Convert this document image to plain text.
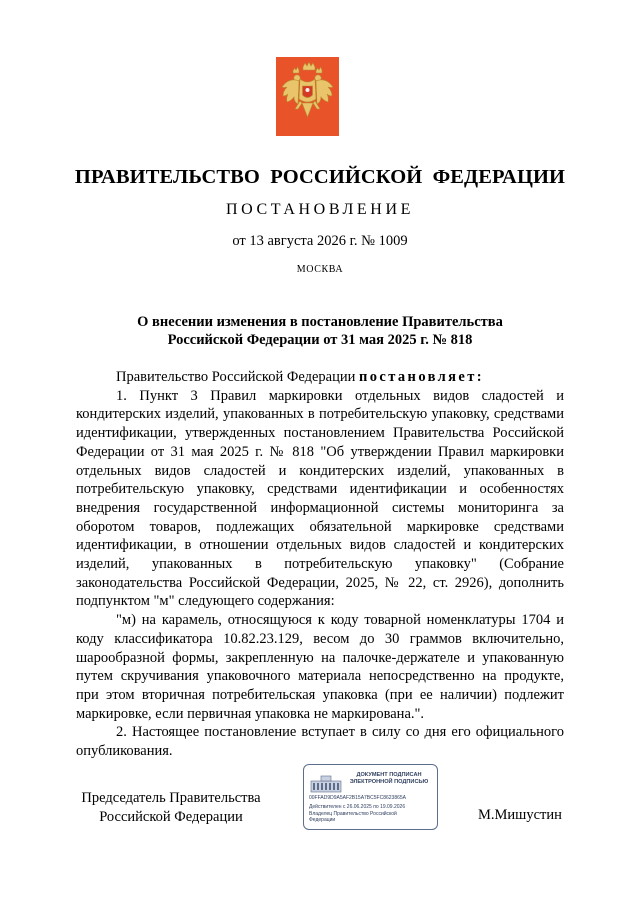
ПРАВИТЕЛЬСТВО РОССИЙСКОЙ ФЕДЕРАЦИИ
ПОСТАНОВЛЕНИЕ
от 13 августа 2026 г. № 1009
МОСКВА
О внесении изменения в постановление Правительства
Российской Федерации от 31 мая 2025 г. № 818

Правительство Российской Федерации постановляет:

1. Пункт 3 Правил маркировки отдельных видов сладостей и кондитерских изделий, упакованных в потребительскую упаковку, средствами идентификации, утвержденных постановлением Правительства Российской Федерации от 31 мая 2025 г. № 818 "Об утверждении Правил маркировки отдельных видов сладостей и кондитерских изделий, упакованных в потребительскую упаковку, средствами идентификации и особенностях внедрения государственной информационной системы мониторинга за оборотом товаров, подлежащих обязательной маркировке средствами идентификации, в отношении отдельных видов сладостей и кондитерских изделий, упакованных в потребительскую упаковку" (Собрание законодательства Российской Федерации, 2025, № 22, ст. 2926), дополнить подпунктом "м" следующего содержания:

"м) на карамель, относящуюся к коду товарной номенклатуры 1704 и коду классификатора 10.82.23.129, весом до 30 граммов включительно, шарообразной формы, закрепленную на палочке-держателе и упакованную путем скручивания упаковочного материала непосредственно на продукте, при этом вторичная потребительская упаковка (при ее наличии) подлежит маркировке, если первичная упаковка не маркирована.".

2. Настоящее постановление вступает в силу со дня его официального опубликования.

Председатель Правительства
Российской Федерации
ДОКУМЕНТ ПОДПИСАН
ЭЛЕКТРОННОЙ ПОДПИСЬЮ
00FFAD9D9A5AF2B15A7BC5FC8623865A
Действителен с 26.06.2025 по 19.09.2026
Владелец Правительство Российской
Федерации	М.Мишустин
